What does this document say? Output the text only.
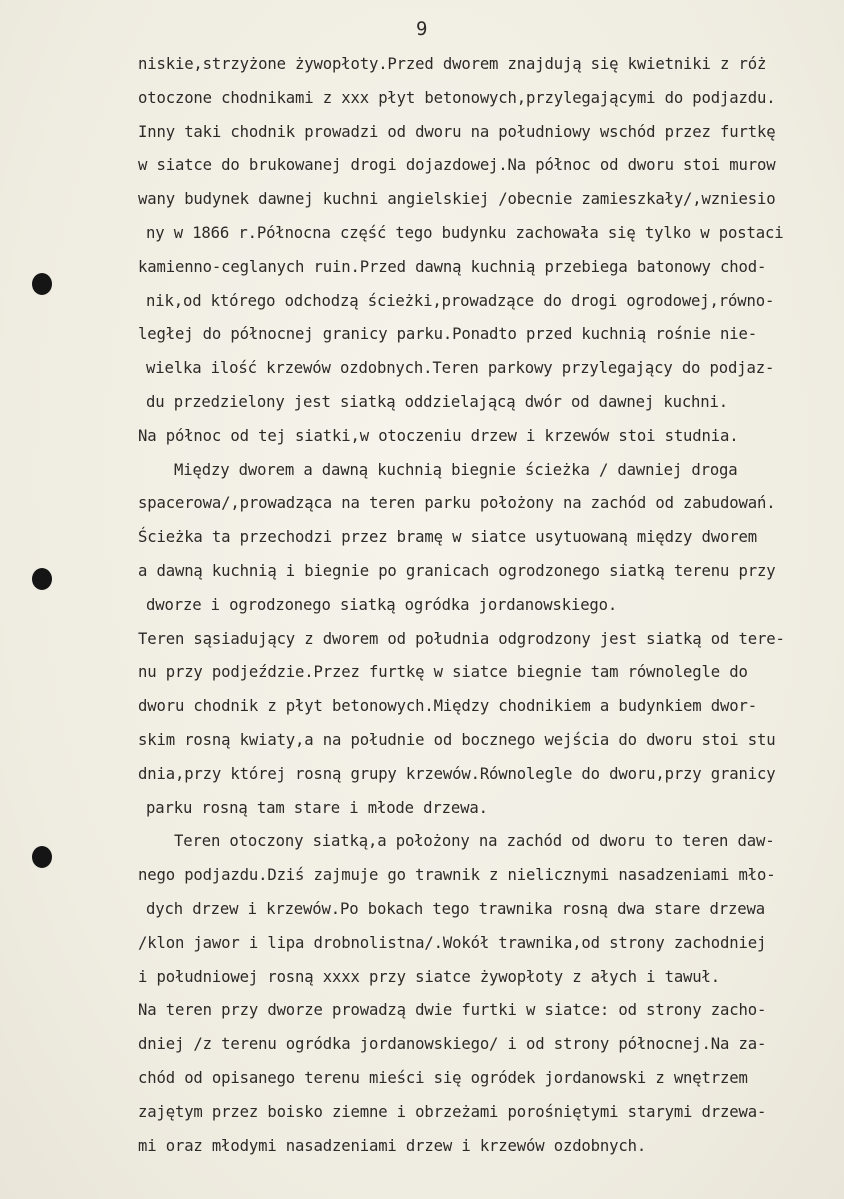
9
niskie,strzyżone żywopłoty.Przed dworem znajdują się kwietniki z róż
otoczone chodnikami z xxx płyt betonowych,przylegającymi do podjazdu.
Inny taki chodnik prowadzi od dworu na południowy wschód przez furtkę
w siatce do brukowanej drogi dojazdowej.Na północ od dworu stoi murow
wany budynek dawnej kuchni angielskiej /obecnie zamieszkały/,wzniesio
ny w 1866 r.Północna część tego budynku zachowała się tylko w postaci
kamienno-ceglanych ruin.Przed dawną kuchnią przebiega batonowy chod-
nik,od którego odchodzą ścieżki,prowadzące do drogi ogrodowej,równo-
ległej do północnej granicy parku.Ponadto przed kuchnią rośnie nie-
wielka ilość krzewów ozdobnych.Teren parkowy przylegający do podjaz-
du przedzielony jest siatką oddzielającą dwór od dawnej kuchni.
Na północ od tej siatki,w otoczeniu drzew i krzewów stoi studnia.
Między dworem a dawną kuchnią biegnie ścieżka / dawniej droga
spacerowa/,prowadząca na teren parku położony na zachód od zabudowań.
Ścieżka ta przechodzi przez bramę w siatce usytuowaną między dworem
a dawną kuchnią i biegnie po granicach ogrodzonego siatką terenu przy
dworze i ogrodzonego siatką ogródka jordanowskiego.
Teren sąsiadujący z dworem od południa odgrodzony jest siatką od tere-
nu przy podjeździe.Przez furtkę w siatce biegnie tam równolegle do
dworu chodnik z płyt betonowych.Między chodnikiem a budynkiem dwor-
skim rosną kwiaty,a na południe od bocznego wejścia do dworu stoi stu
dnia,przy której rosną grupy krzewów.Równolegle do dworu,przy granicy
parku rosną tam stare i młode drzewa.
Teren otoczony siatką,a położony na zachód od dworu to teren daw-
nego podjazdu.Dziś zajmuje go trawnik z nielicznymi nasadzeniami mło-
dych drzew i krzewów.Po bokach tego trawnika rosną dwa stare drzewa
/klon jawor i lipa drobnolistna/.Wokół trawnika,od strony zachodniej
i południowej rosną xxxx przy siatce żywopłoty z ałych i tawuł.
Na teren przy dworze prowadzą dwie furtki w siatce: od strony zacho-
dniej /z terenu ogródka jordanowskiego/ i od strony północnej.Na za-
chód od opisanego terenu mieści się ogródek jordanowski z wnętrzem
zajętym przez boisko ziemne i obrzeżami porośniętymi starymi drzewa-
mi oraz młodymi nasadzeniami drzew i krzewów ozdobnych.
